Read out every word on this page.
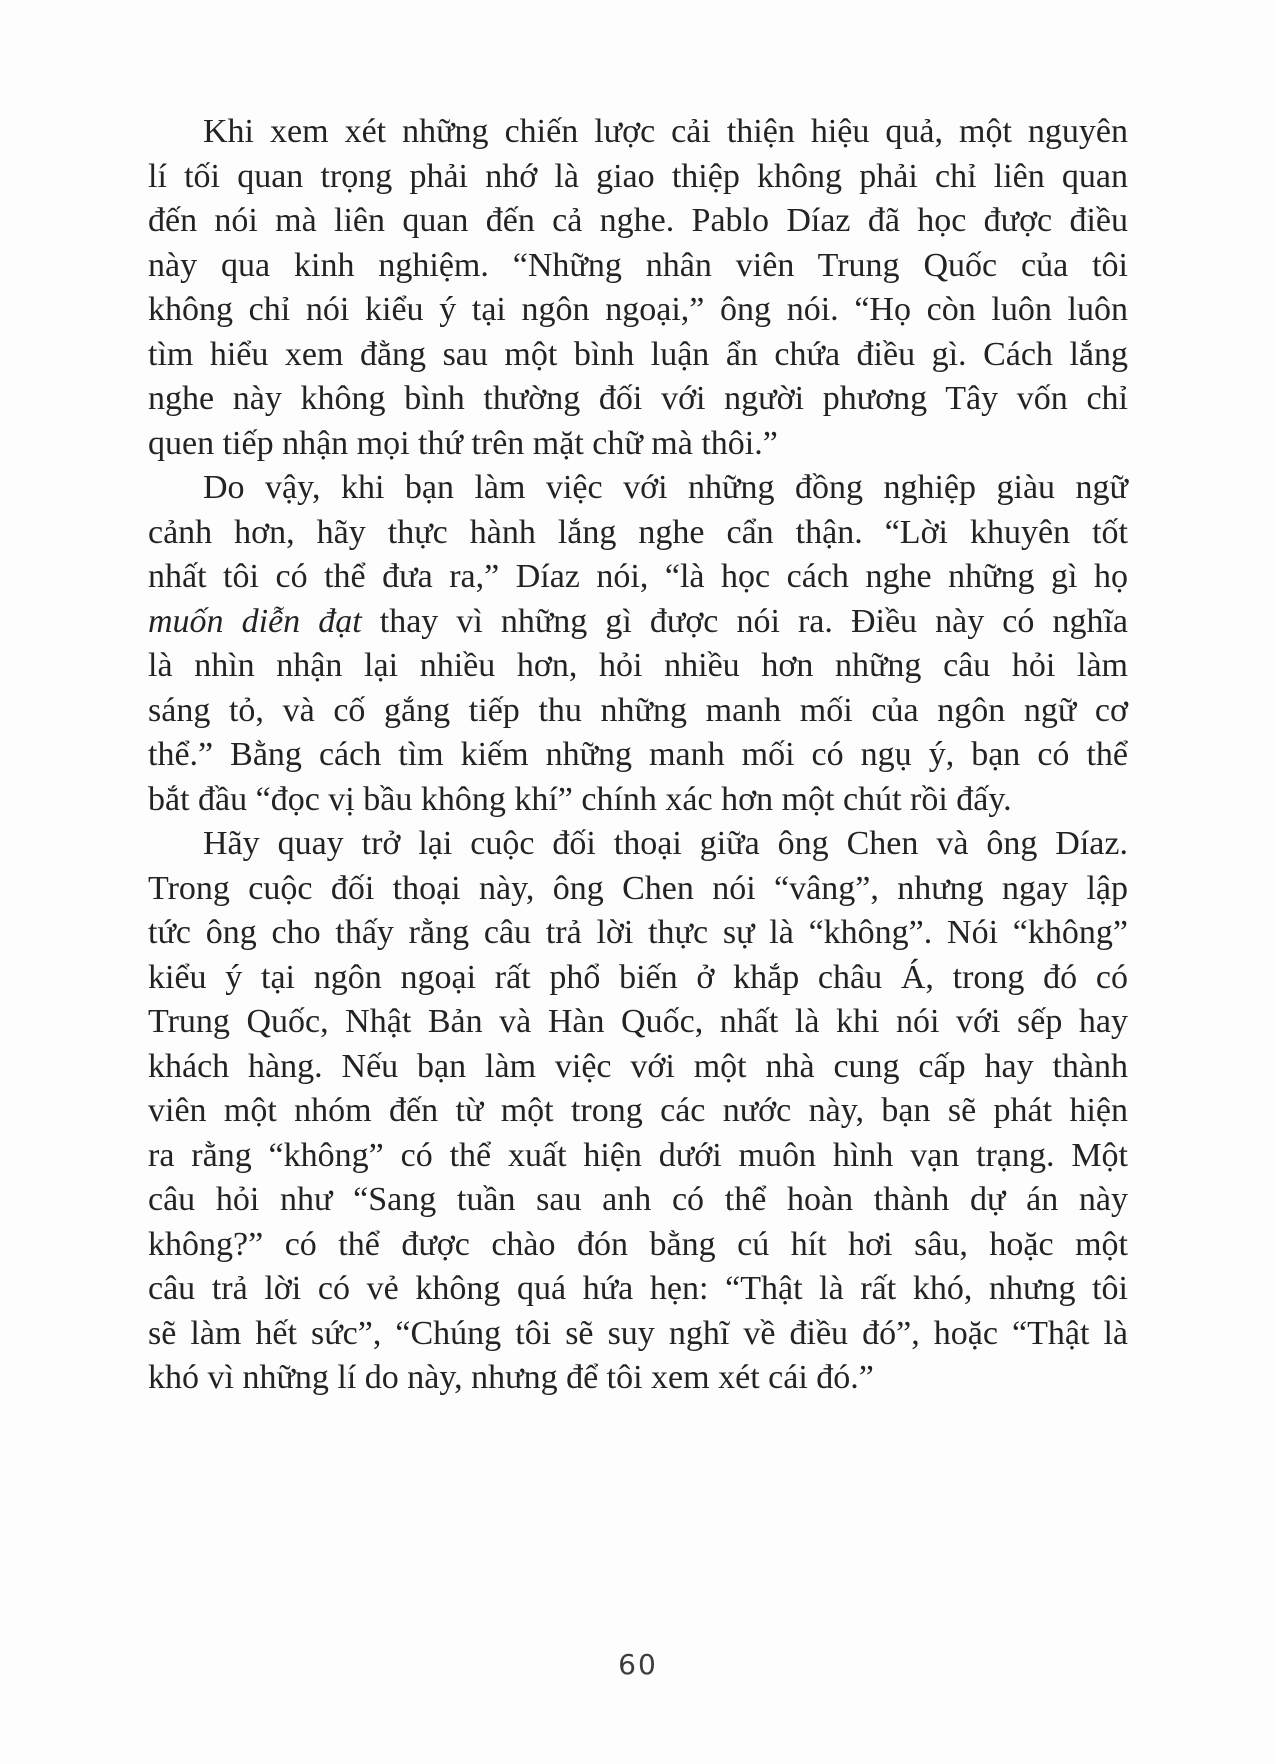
Khi xem xét những chiến lược cải thiện hiệu quả, một nguyên
lí tối quan trọng phải nhớ là giao thiệp không phải chỉ liên quan
đến nói mà liên quan đến cả nghe. Pablo Díaz đã học được điều
này qua kinh nghiệm. “Những nhân viên Trung Quốc của tôi
không chỉ nói kiểu ý tại ngôn ngoại,” ông nói. “Họ còn luôn luôn
tìm hiểu xem đằng sau một bình luận ẩn chứa điều gì. Cách lắng
nghe này không bình thường đối với người phương Tây vốn chỉ
quen tiếp nhận mọi thứ trên mặt chữ mà thôi.”
Do vậy, khi bạn làm việc với những đồng nghiệp giàu ngữ
cảnh hơn, hãy thực hành lắng nghe cẩn thận. “Lời khuyên tốt
nhất tôi có thể đưa ra,” Díaz nói, “là học cách nghe những gì họ
muốn diễn đạt thay vì những gì được nói ra. Điều này có nghĩa
là nhìn nhận lại nhiều hơn, hỏi nhiều hơn những câu hỏi làm
sáng tỏ, và cố gắng tiếp thu những manh mối của ngôn ngữ cơ
thể.” Bằng cách tìm kiếm những manh mối có ngụ ý, bạn có thể
bắt đầu “đọc vị bầu không khí” chính xác hơn một chút rồi đấy.
Hãy quay trở lại cuộc đối thoại giữa ông Chen và ông Díaz.
Trong cuộc đối thoại này, ông Chen nói “vâng”, nhưng ngay lập
tức ông cho thấy rằng câu trả lời thực sự là “không”. Nói “không”
kiểu ý tại ngôn ngoại rất phổ biến ở khắp châu Á, trong đó có
Trung Quốc, Nhật Bản và Hàn Quốc, nhất là khi nói với sếp hay
khách hàng. Nếu bạn làm việc với một nhà cung cấp hay thành
viên một nhóm đến từ một trong các nước này, bạn sẽ phát hiện
ra rằng “không” có thể xuất hiện dưới muôn hình vạn trạng. Một
câu hỏi như “Sang tuần sau anh có thể hoàn thành dự án này
không?” có thể được chào đón bằng cú hít hơi sâu, hoặc một
câu trả lời có vẻ không quá hứa hẹn: “Thật là rất khó, nhưng tôi
sẽ làm hết sức”, “Chúng tôi sẽ suy nghĩ về điều đó”, hoặc “Thật là
khó vì những lí do này, nhưng để tôi xem xét cái đó.”
60
